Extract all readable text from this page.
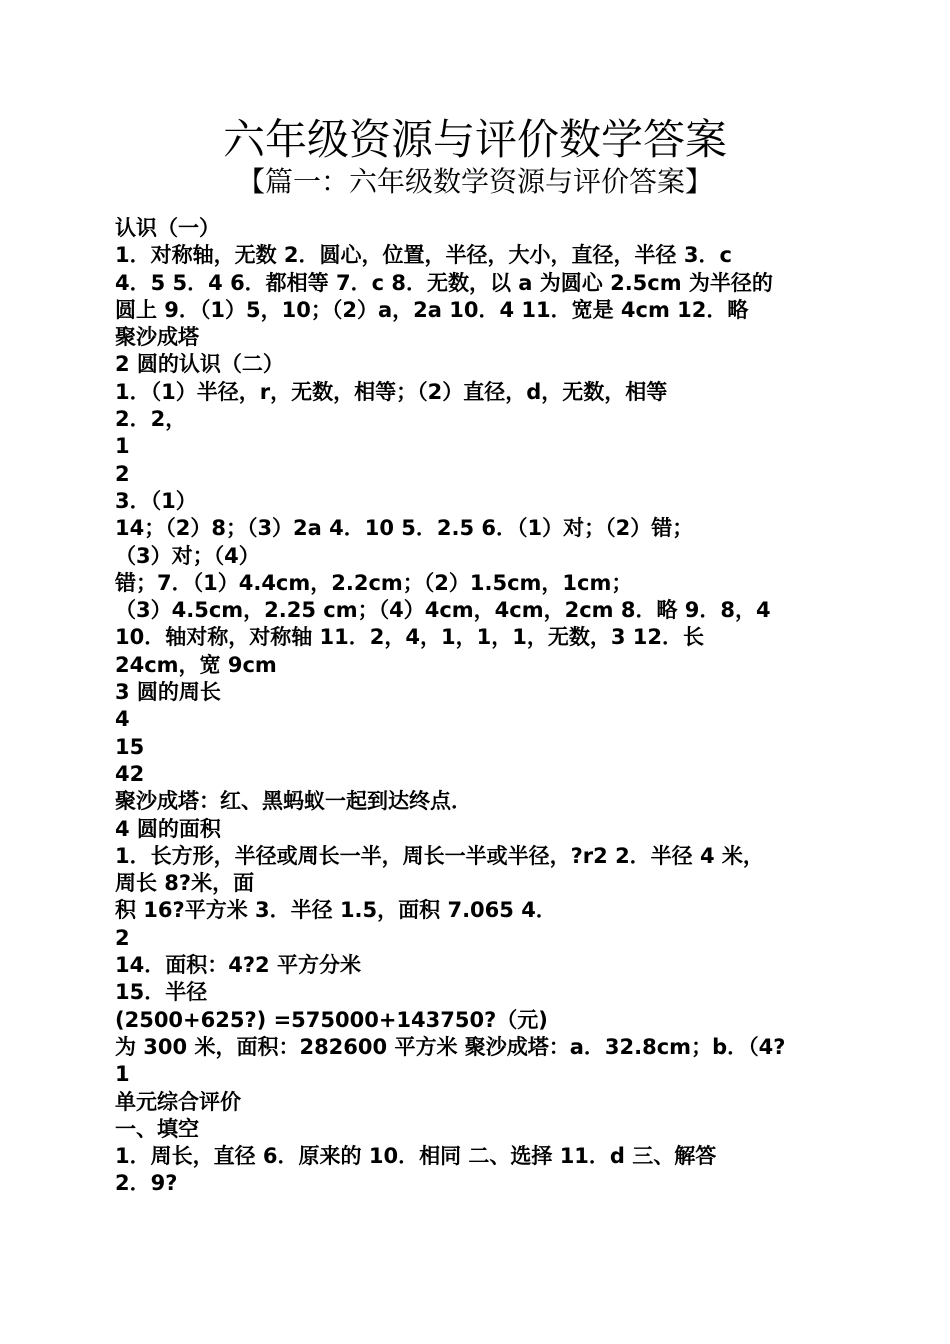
六年级资源与评价数学答案
【篇一：六年级数学资源与评价答案】
认识（一）
1．对称轴，无数 2．圆心，位置，半径，大小，直径，半径 3．c
4．5 5．4 6．都相等 7．c 8．无数，以 a 为圆心 2.5cm 为半径的
圆上 9．（1）5，10；（2）a，2a 10．4 11．宽是 4cm 12．略
聚沙成塔
2 圆的认识（二）
1．（1）半径，r，无数，相等；（2）直径，d，无数，相等
2．2，
1
2
3．（1）
14；（2）8；（3）2a 4．10 5．2.5 6．（1）对；（2）错；
（3）对；（4）
错；7．（1）4.4cm，2.2cm；（2）1.5cm，1cm；
（3）4.5cm，2.25 cm；（4）4cm，4cm，2cm 8．略 9．8，4
10．轴对称，对称轴 11．2，4，1，1，1，无数，3 12．长
24cm，宽 9cm
3 圆的周长
4
15
42
聚沙成塔：红、黑蚂蚁一起到达终点．
4 圆的面积
1．长方形，半径或周长一半，周长一半或半径，?r2 2．半径 4 米，
周长 8?米，面
积 16?平方米 3．半径 1.5，面积 7.065 4．
2
14．面积：4?2 平方分米
15．半径
(2500+625?) =575000+143750?（元)
为 300 米，面积：282600 平方米 聚沙成塔：a．32.8cm；b．（4?
1
单元综合评价
一、填空
1．周长，直径 6．原来的 10．相同 二、选择 11．d 三、解答
2．9?
